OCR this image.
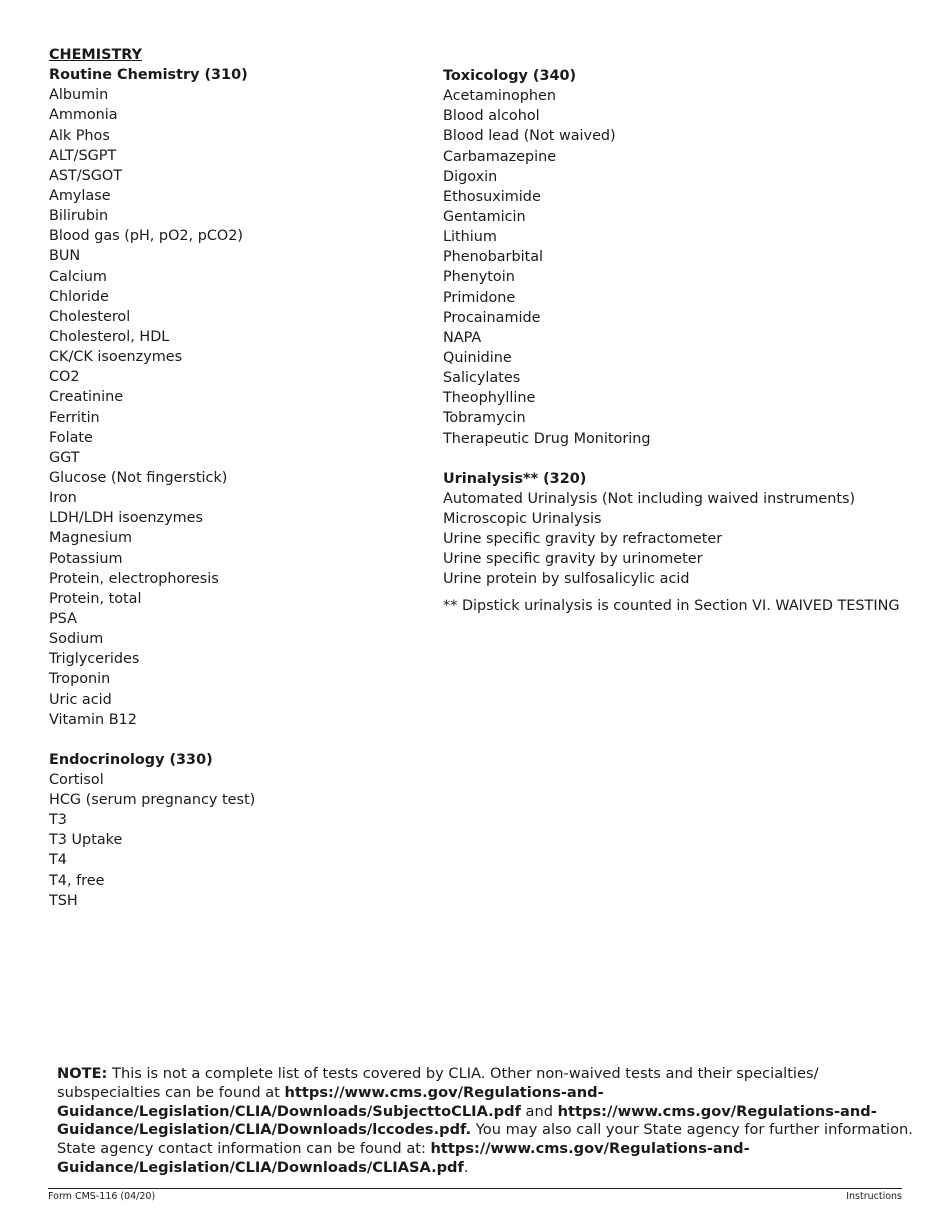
CHEMISTRY
Routine Chemistry (310)
Albumin
Ammonia
Alk Phos
ALT/SGPT
AST/SGOT
Amylase
Bilirubin
Blood gas (pH, pO2, pCO2)
BUN
Calcium
Chloride
Cholesterol
Cholesterol, HDL
CK/CK isoenzymes
CO2
Creatinine
Ferritin
Folate
GGT
Glucose (Not fingerstick)
Iron
LDH/LDH isoenzymes
Magnesium
Potassium
Protein, electrophoresis
Protein, total
PSA
Sodium
Triglycerides
Troponin
Uric acid
Vitamin B12
Endocrinology (330)
Cortisol
HCG (serum pregnancy test)
T3
T3 Uptake
T4
T4, free
TSH
Toxicology (340)
Acetaminophen
Blood alcohol
Blood lead (Not waived)
Carbamazepine
Digoxin
Ethosuximide
Gentamicin
Lithium
Phenobarbital
Phenytoin
Primidone
Procainamide
NAPA
Quinidine
Salicylates
Theophylline
Tobramycin
Therapeutic Drug Monitoring
Urinalysis** (320)
Automated Urinalysis (Not including waived instruments)
Microscopic Urinalysis
Urine specific gravity by refractometer
Urine specific gravity by urinometer
Urine protein by sulfosalicylic acid
** Dipstick urinalysis is counted in Section VI. WAIVED TESTING
NOTE: This is not a complete list of tests covered by CLIA. Other non-waived tests and their specialties/ subspecialties can be found at https://www.cms.gov/Regulations-and-Guidance/Legislation/CLIA/Downloads/SubjecttoCLIA.pdf and https://www.cms.gov/Regulations-and-Guidance/Legislation/CLIA/Downloads/lccodes.pdf. You may also call your State agency for further information. State agency contact information can be found at: https://www.cms.gov/Regulations-and-Guidance/Legislation/CLIA/Downloads/CLIASA.pdf.
Form CMS-116 (04/20)	Instructions
